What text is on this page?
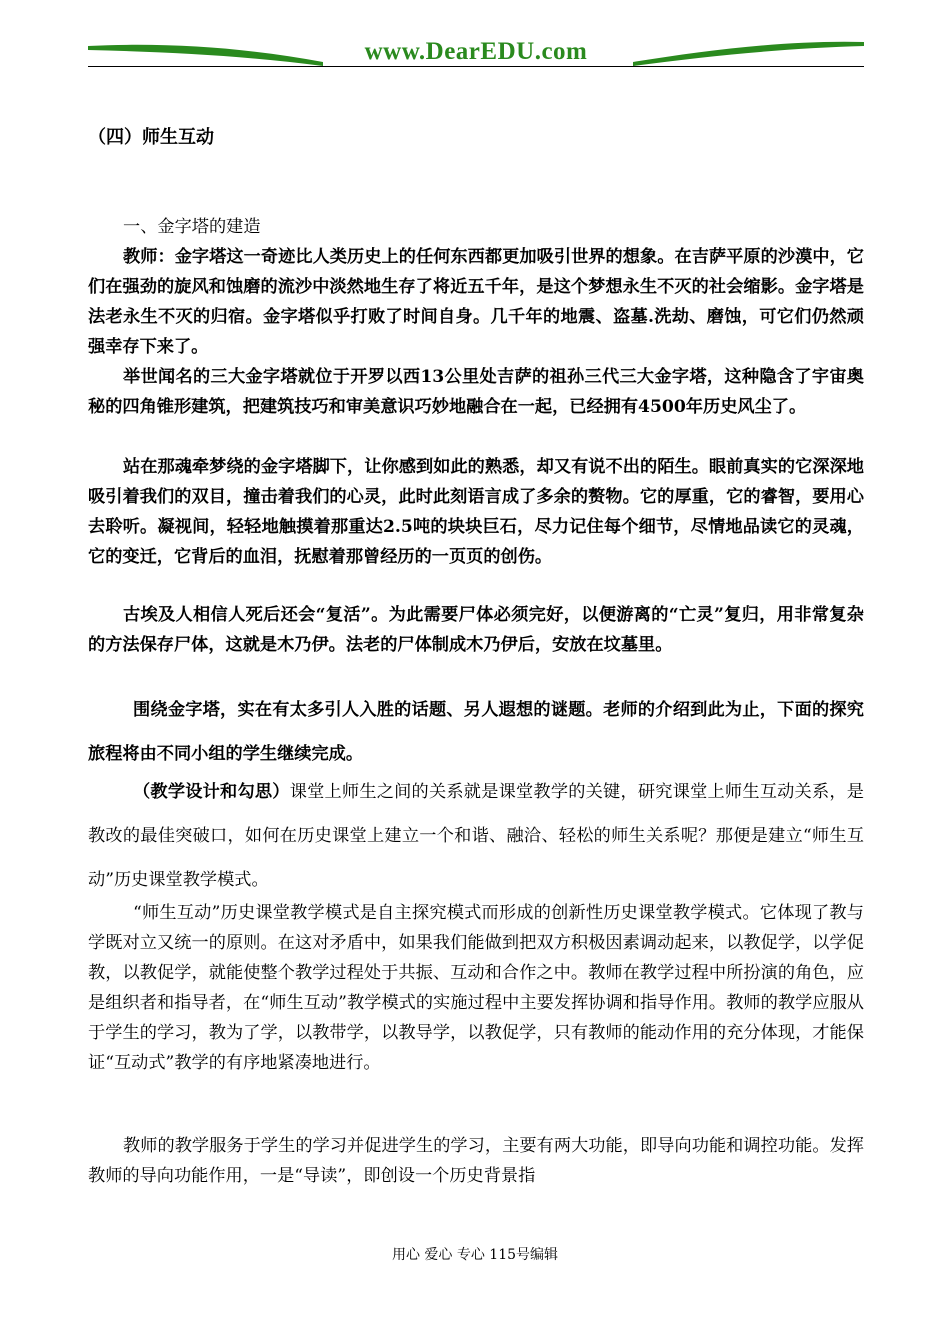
www.DearEDU.com
（四）师生互动

一、金字塔的建造

教师：金字塔这一奇迹比人类历史上的任何东西都更加吸引世界的想象。在吉萨平原的沙漠中，它们在强劲的旋风和蚀磨的流沙中淡然地生存了将近五千年，是这个梦想永生不灭的社会缩影。金字塔是法老永生不灭的归宿。金字塔似乎打败了时间自身。几千年的地震、盗墓.洗劫、磨蚀，可它们仍然顽强幸存下来了。

举世闻名的三大金字塔就位于开罗以西13公里处吉萨的祖孙三代三大金字塔，这种隐含了宇宙奥秘的四角锥形建筑，把建筑技巧和审美意识巧妙地融合在一起，已经拥有4500年历史风尘了。

站在那魂牵梦绕的金字塔脚下，让你感到如此的熟悉，却又有说不出的陌生。眼前真实的它深深地吸引着我们的双目，撞击着我们的心灵，此时此刻语言成了多余的赘物。它的厚重，它的睿智，要用心去聆听。凝视间，轻轻地触摸着那重达2.5吨的块块巨石，尽力记住每个细节，尽情地品读它的灵魂，它的变迁，它背后的血泪，抚慰着那曾经历的一页页的创伤。

古埃及人相信人死后还会“复活”。为此需要尸体必须完好，以便游离的“亡灵”复归，用非常复杂的方法保存尸体，这就是木乃伊。法老的尸体制成木乃伊后，安放在坟墓里。

围绕金字塔，实在有太多引人入胜的话题、另人遐想的谜题。老师的介绍到此为止，下面的探究旅程将由不同小组的学生继续完成。

（教学设计和勾思）课堂上师生之间的关系就是课堂教学的关键，研究课堂上师生互动关系，是教改的最佳突破口，如何在历史课堂上建立一个和谐、融洽、轻松的师生关系呢？那便是建立“师生互动”历史课堂教学模式。

“师生互动”历史课堂教学模式是自主探究模式而形成的创新性历史课堂教学模式。它体现了教与学既对立又统一的原则。在这对矛盾中，如果我们能做到把双方积极因素调动起来，以教促学，以学促教，以教促学，就能使整个教学过程处于共振、互动和合作之中。教师在教学过程中所扮演的角色，应是组织者和指导者，在“师生互动”教学模式的实施过程中主要发挥协调和指导作用。教师的教学应服从于学生的学习，教为了学，以教带学，以教导学，以教促学，只有教师的能动作用的充分体现，才能保证“互动式”教学的有序地紧凑地进行。

教师的教学服务于学生的学习并促进学生的学习，主要有两大功能，即导向功能和调控功能。发挥教师的导向功能作用，一是“导读”，即创设一个历史背景指

用心 爱心 专心 115号编辑
